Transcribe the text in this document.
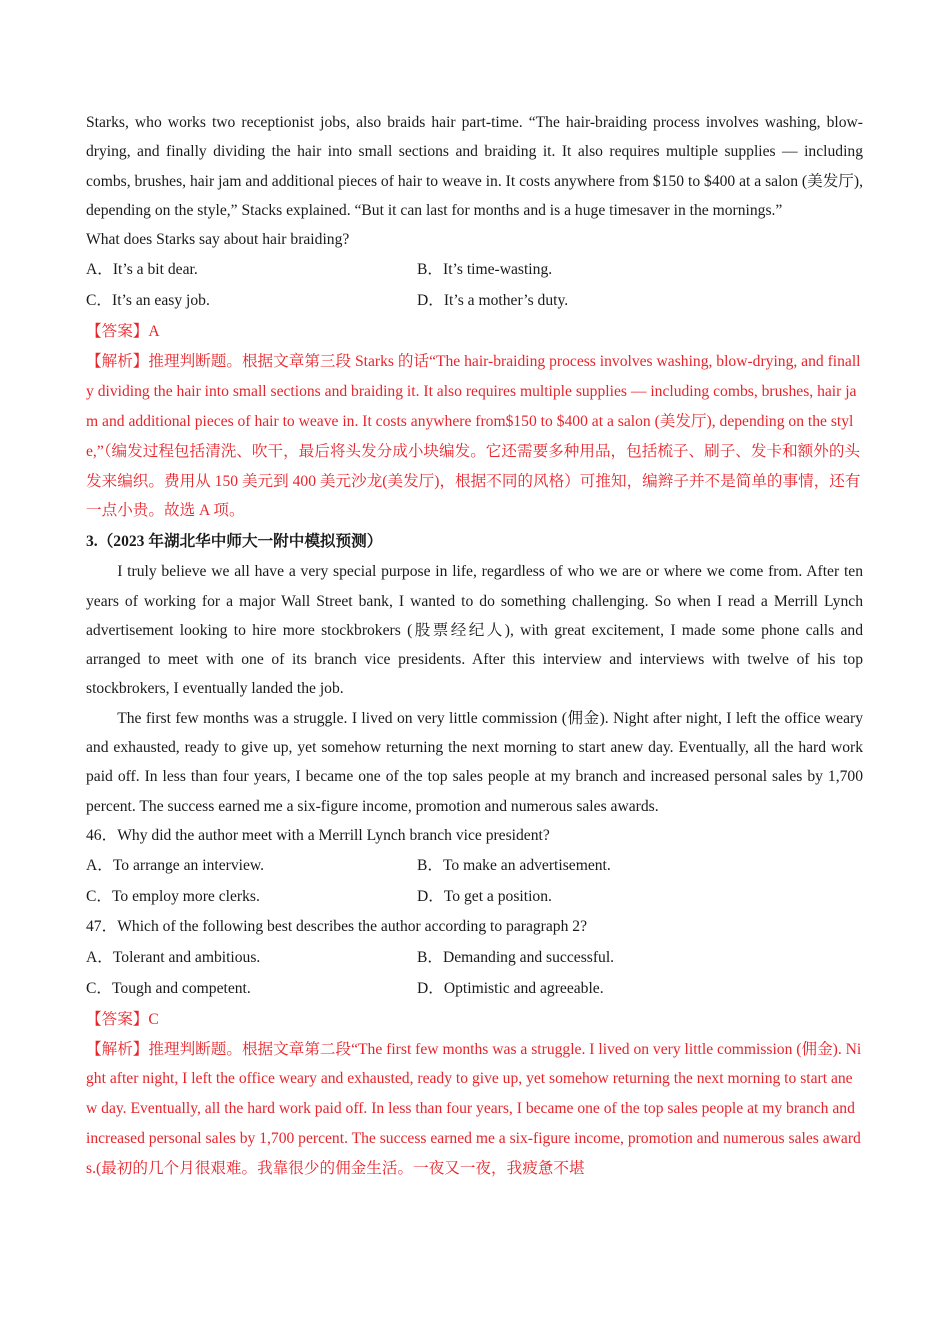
Starks, who works two receptionist jobs, also braids hair part-time. “The hair-braiding process involves washing, blow-drying, and finally dividing the hair into small sections and braiding it. It also requires multiple supplies — including combs, brushes, hair jam and additional pieces of hair to weave in. It costs anywhere from $150 to $400 at a salon (美发厅), depending on the style,” Stacks explained. “But it can last for months and is a huge timesaver in the mornings.”

What does Starks say about hair braiding?

A．It’s a bit dear.	B．It’s time-wasting.
C．It’s an easy job.	D．It’s a mother’s duty.

【答案】A

【解析】推理判断题。根据文章第三段 Starks 的话“The hair-braiding process involves washing, blow-drying, and finally dividing the hair into small sections and braiding it. It also requires multiple supplies — including combs, brushes, hair jam and additional pieces of hair to weave in. It costs anywhere from$150 to $400 at a salon (美发厅), depending on the style,”（编发过程包括清洗、吹干，最后将头发分成小块编发。它还需要多种用品，包括梳子、刷子、发卡和额外的头发来编织。费用从 150 美元到 400 美元沙龙(美发厅)，根据不同的风格）可推知，编辫子并不是简单的事情，还有一点小贵。故选 A 项。

3.（2023 年湖北华中师大一附中模拟预测）

I truly believe we all have a very special purpose in life, regardless of who we are or where we come from. After ten years of working for a major Wall Street bank, I wanted to do something challenging. So when I read a Merrill Lynch advertisement looking to hire more stockbrokers (股票经纪人), with great excitement, I made some phone calls and arranged to meet with one of its branch vice presidents. After this interview and interviews with twelve of his top stockbrokers, I eventually landed the job.

The first few months was a struggle. I lived on very little commission (佣金). Night after night, I left the office weary and exhausted, ready to give up, yet somehow returning the next morning to start anew day. Eventually, all the hard work paid off. In less than four years, I became one of the top sales people at my branch and increased personal sales by 1,700 percent. The success earned me a six-figure income, promotion and numerous sales awards.

46．Why did the author meet with a Merrill Lynch branch vice president?

A．To arrange an interview.	B．To make an advertisement.
C．To employ more clerks.	D．To get a position.

47．Which of the following best describes the author according to paragraph 2?

A．Tolerant and ambitious.	B．Demanding and successful.
C．Tough and competent.	D．Optimistic and agreeable.

【答案】C

【解析】推理判断题。根据文章第二段“The first few months was a struggle. I lived on very little commission (佣金). Night after night, I left the office weary and exhausted, ready to give up, yet somehow returning the next morning to start anew day. Eventually, all the hard work paid off. In less than four years, I became one of the top sales people at my branch and increased personal sales by 1,700 percent. The success earned me a six-figure income, promotion and numerous sales awards.(最初的几个月很艰难。我靠很少的佣金生活。一夜又一夜，我疲惫不堪
